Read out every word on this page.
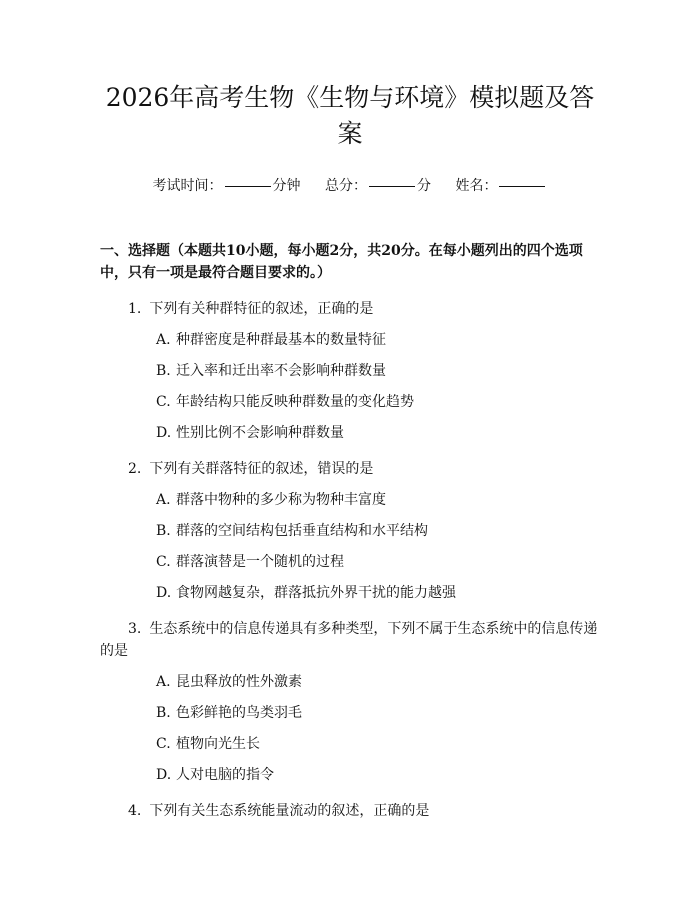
2026年高考生物《生物与环境》模拟题及答案
考试时间：	分钟 总分：	分 姓名：
一、选择题（本题共10小题，每小题2分，共20分。在每小题列出的四个选项中，只有一项是最符合题目要求的。）
1. 下列有关种群特征的叙述，正确的是
A. 种群密度是种群最基本的数量特征
B. 迁入率和迁出率不会影响种群数量
C. 年龄结构只能反映种群数量的变化趋势
D. 性别比例不会影响种群数量
2. 下列有关群落特征的叙述，错误的是
A. 群落中物种的多少称为物种丰富度
B. 群落的空间结构包括垂直结构和水平结构
C. 群落演替是一个随机的过程
D. 食物网越复杂，群落抵抗外界干扰的能力越强
3. 生态系统中的信息传递具有多种类型，下列不属于生态系统中的信息传递的是
A. 昆虫释放的性外激素
B. 色彩鲜艳的鸟类羽毛
C. 植物向光生长
D. 人对电脑的指令
4. 下列有关生态系统能量流动的叙述，正确的是
